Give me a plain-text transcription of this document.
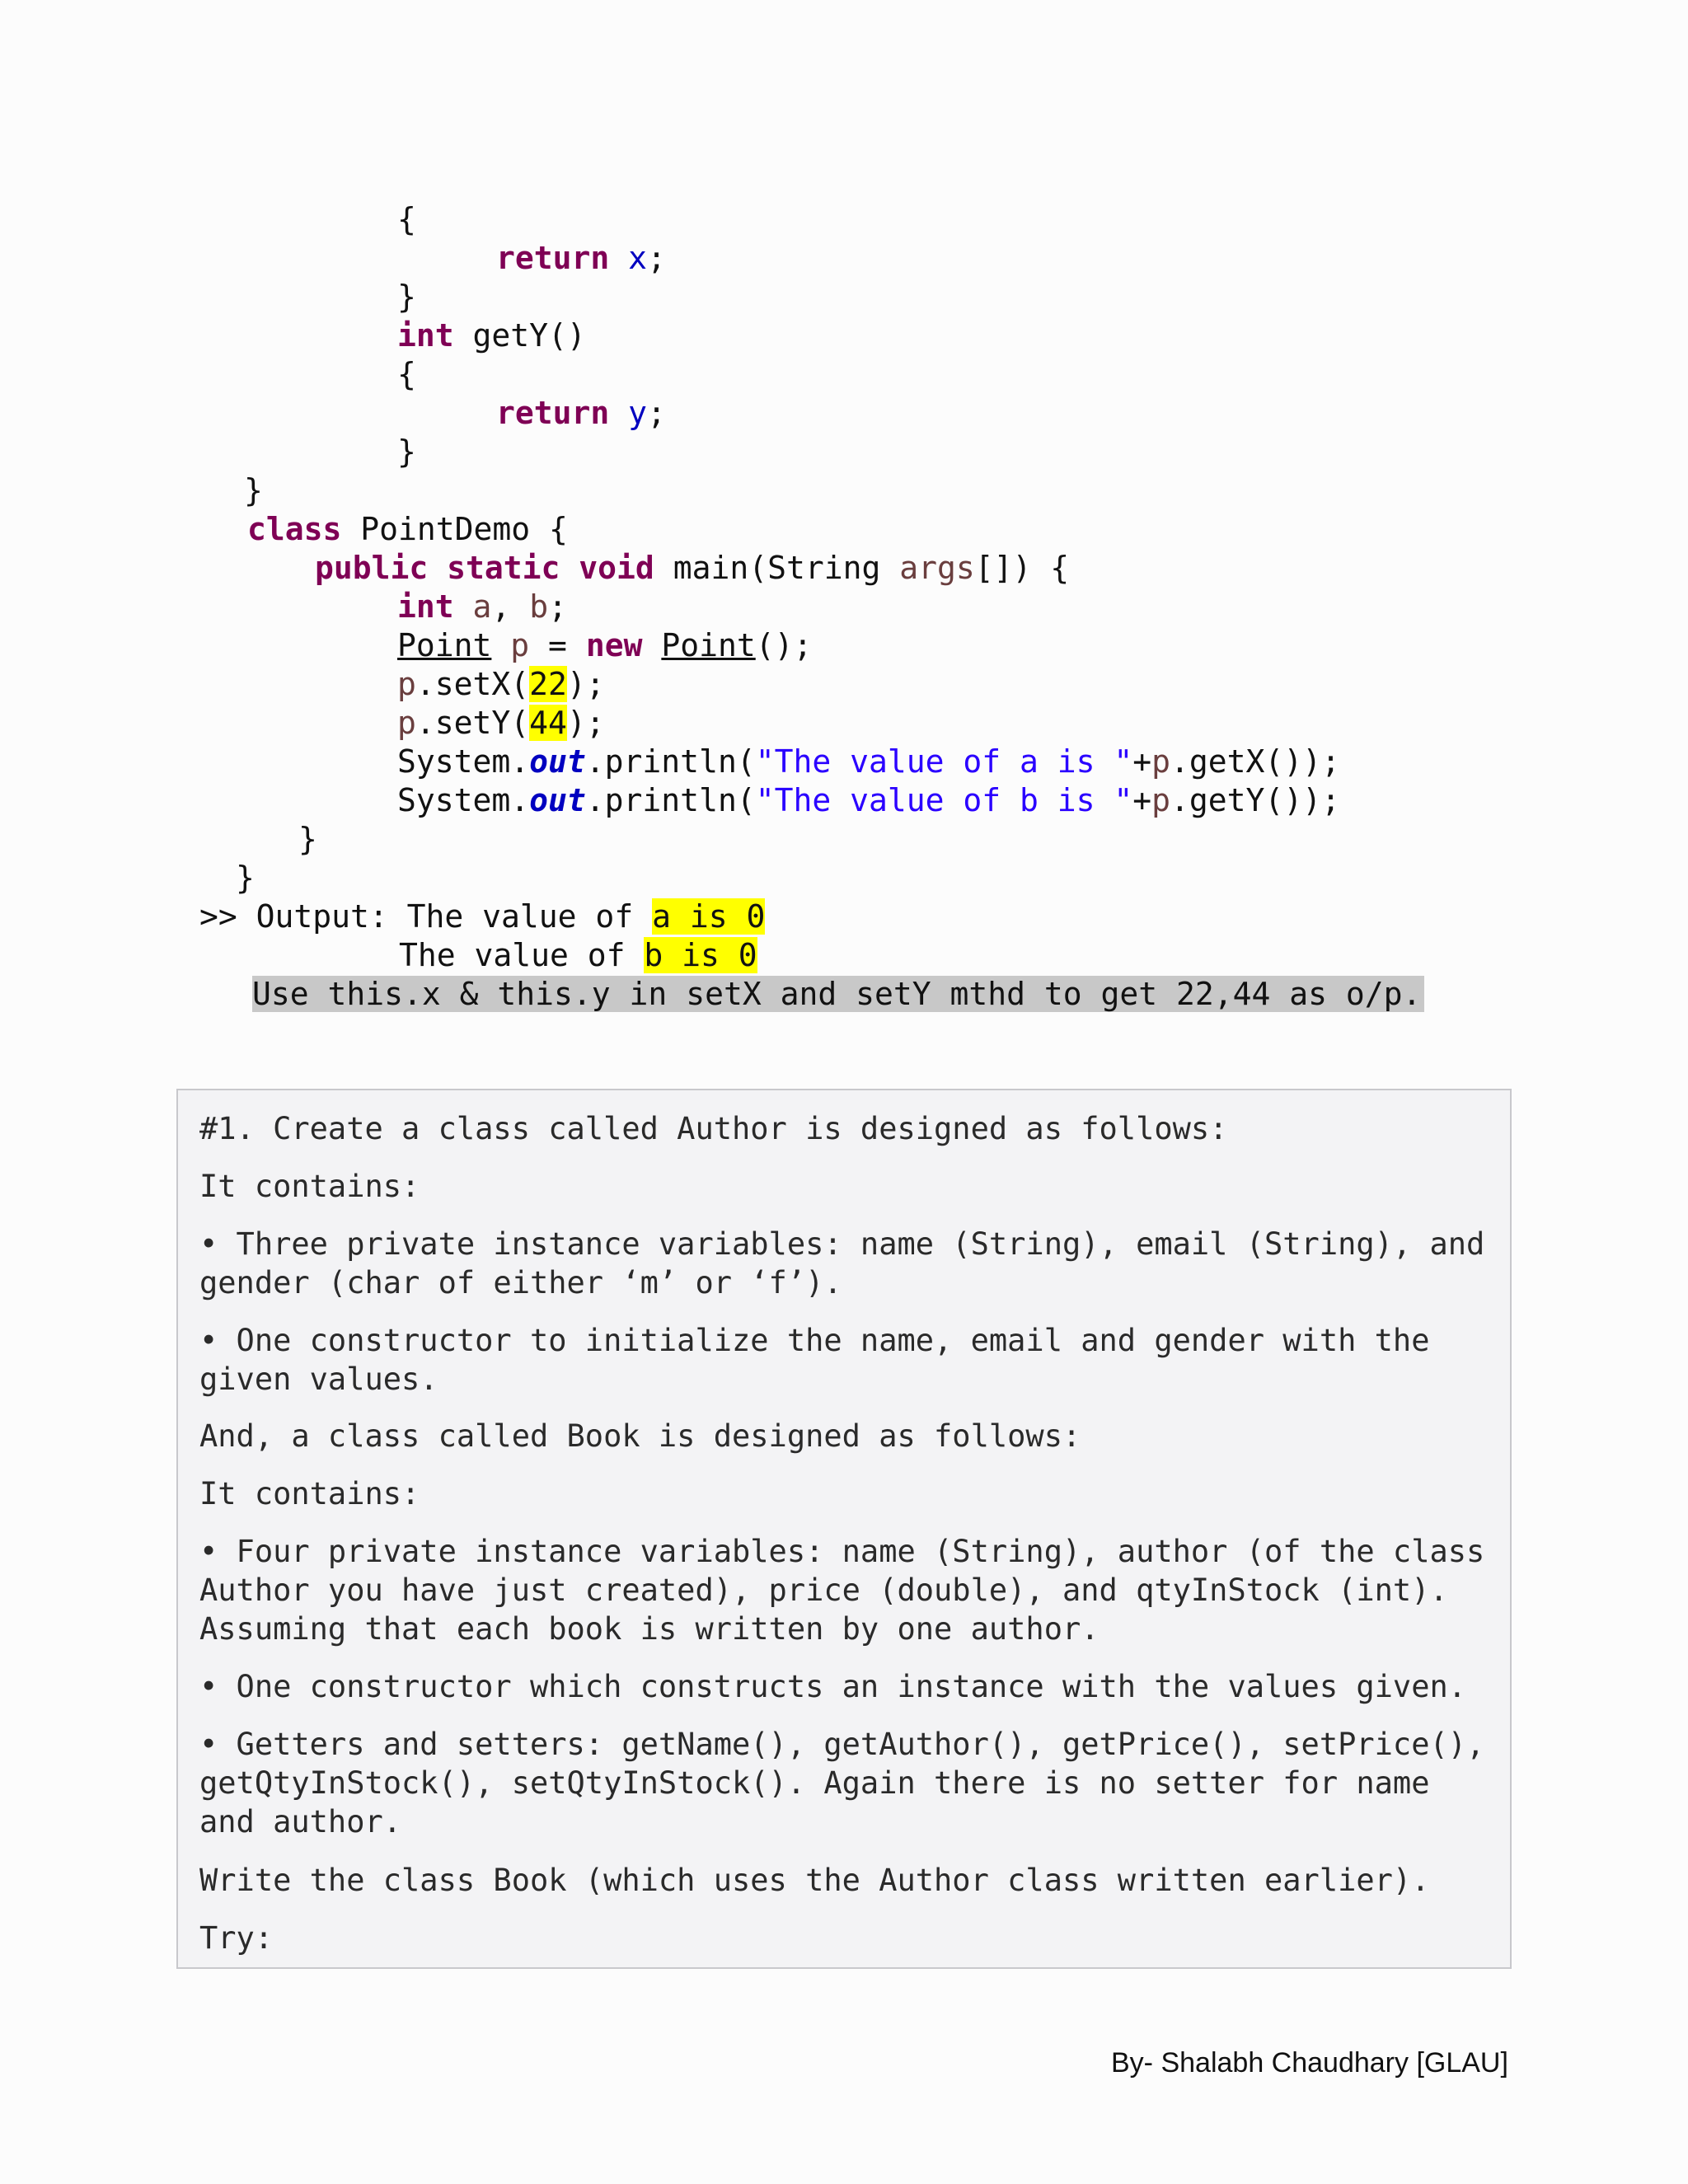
{
return x;
}
int getY()
{
return y;
}
}
class PointDemo {
public static void main(String args[]) {
int a, b;
Point p = new Point();
p.setX(22);
p.setY(44);
System.out.println("The value of a is "+p.getX());
System.out.println("The value of b is "+p.getY());
}
}
>> Output: The value of a is 0
The value of b is 0
Use this.x & this.y in setX and setY mthd to get 22,44 as o/p.
#1. Create a class called Author is designed as follows:
It contains:
• Three private instance variables: name (String), email (String), and gender (char of either ‘m’ or ‘f’).
• One constructor to initialize the name, email and gender with the given values.
And, a class called Book is designed as follows:
It contains:
• Four private instance variables: name (String), author (of the class Author you have just created), price (double), and qtyInStock (int). Assuming that each book is written by one author.
• One constructor which constructs an instance with the values given.
• Getters and setters: getName(), getAuthor(), getPrice(), setPrice(), getQtyInStock(), setQtyInStock(). Again there is no setter for name and author.
Write the class Book (which uses the Author class written earlier).
Try:
By- Shalabh Chaudhary [GLAU]
